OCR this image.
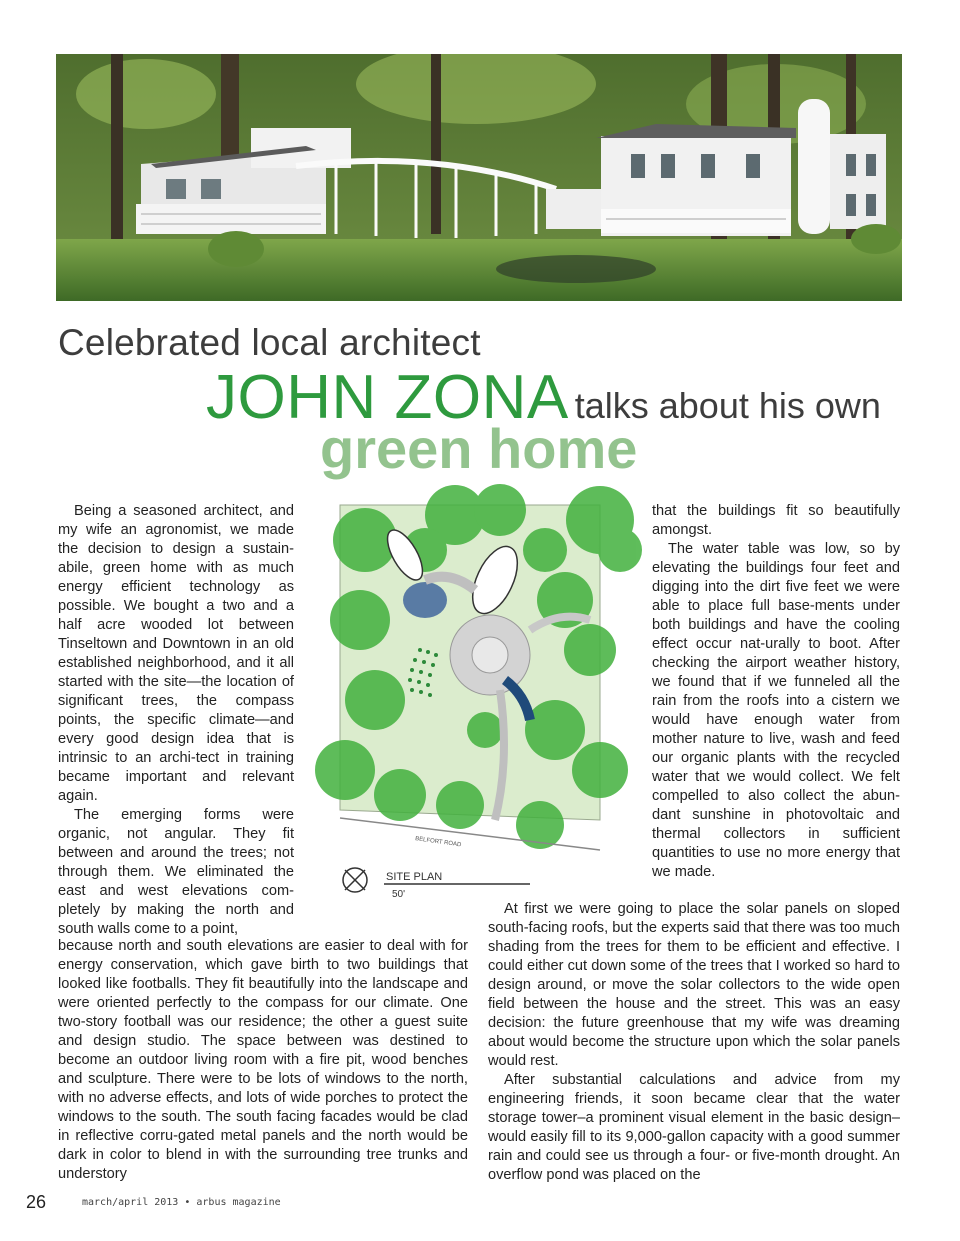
Celebrated local architect
JOHN ZONA talks about his own
green home
BELFORT ROAD
SITE PLAN
50'

Being a seasoned architect, and my wife an agronomist, we made the decision to design a sustain-abile, green home with as much energy efficient technology as possible. We bought a two and a half acre wooded lot between Tinseltown and Downtown in an old established neighborhood, and it all started with the site—the location of significant trees, the compass points, the specific climate—and every good design idea that is intrinsic to an archi-tect in training became important and relevant again.

The emerging forms were organic, not angular. They fit between and around the trees; not through them. We eliminated the east and west elevations com-pletely by making the north and south walls come to a point,

because north and south elevations are easier to deal with for energy conservation, which gave birth to two buildings that looked like footballs. They fit beautifully into the landscape and were oriented perfectly to the compass for our climate. One two-story football was our residence; the other a guest suite and design studio. The space between was destined to become an outdoor living room with a fire pit, wood benches and sculpture. There were to be lots of windows to the north, with no adverse effects, and lots of wide porches to protect the windows to the south. The south facing facades would be clad in reflective corru-gated metal panels and the north would be dark in color to blend in with the surrounding tree trunks and understory

that the buildings fit so beautifully amongst.

The water table was low, so by elevating the buildings four feet and digging into the dirt five feet we were able to place full base-ments under both buildings and have the cooling effect occur nat-urally to boot. After checking the airport weather history, we found that if we funneled all the rain from the roofs into a cistern we would have enough water from mother nature to live, wash and feed our organic plants with the recycled water that we would collect. We felt compelled to also collect the abun-dant sunshine in photovoltaic and thermal collectors in sufficient quantities to use no more energy that we made.

At first we were going to place the solar panels on sloped south-facing roofs, but the experts said that there was too much shading from the trees for them to be efficient and effective. I could either cut down some of the trees that I worked so hard to design around, or move the solar collectors to the wide open field between the house and the street. This was an easy decision: the future greenhouse that my wife was dreaming about would become the structure upon which the solar panels would rest.

After substantial calculations and advice from my engineering friends, it soon became clear that the water storage tower–a prominent visual element in the basic design–would easily fill to its 9,000-gallon capacity with a good summer rain and could see us through a four- or five-month drought. An overflow pond was placed on the

26	march/april 2013 • arbus magazine
